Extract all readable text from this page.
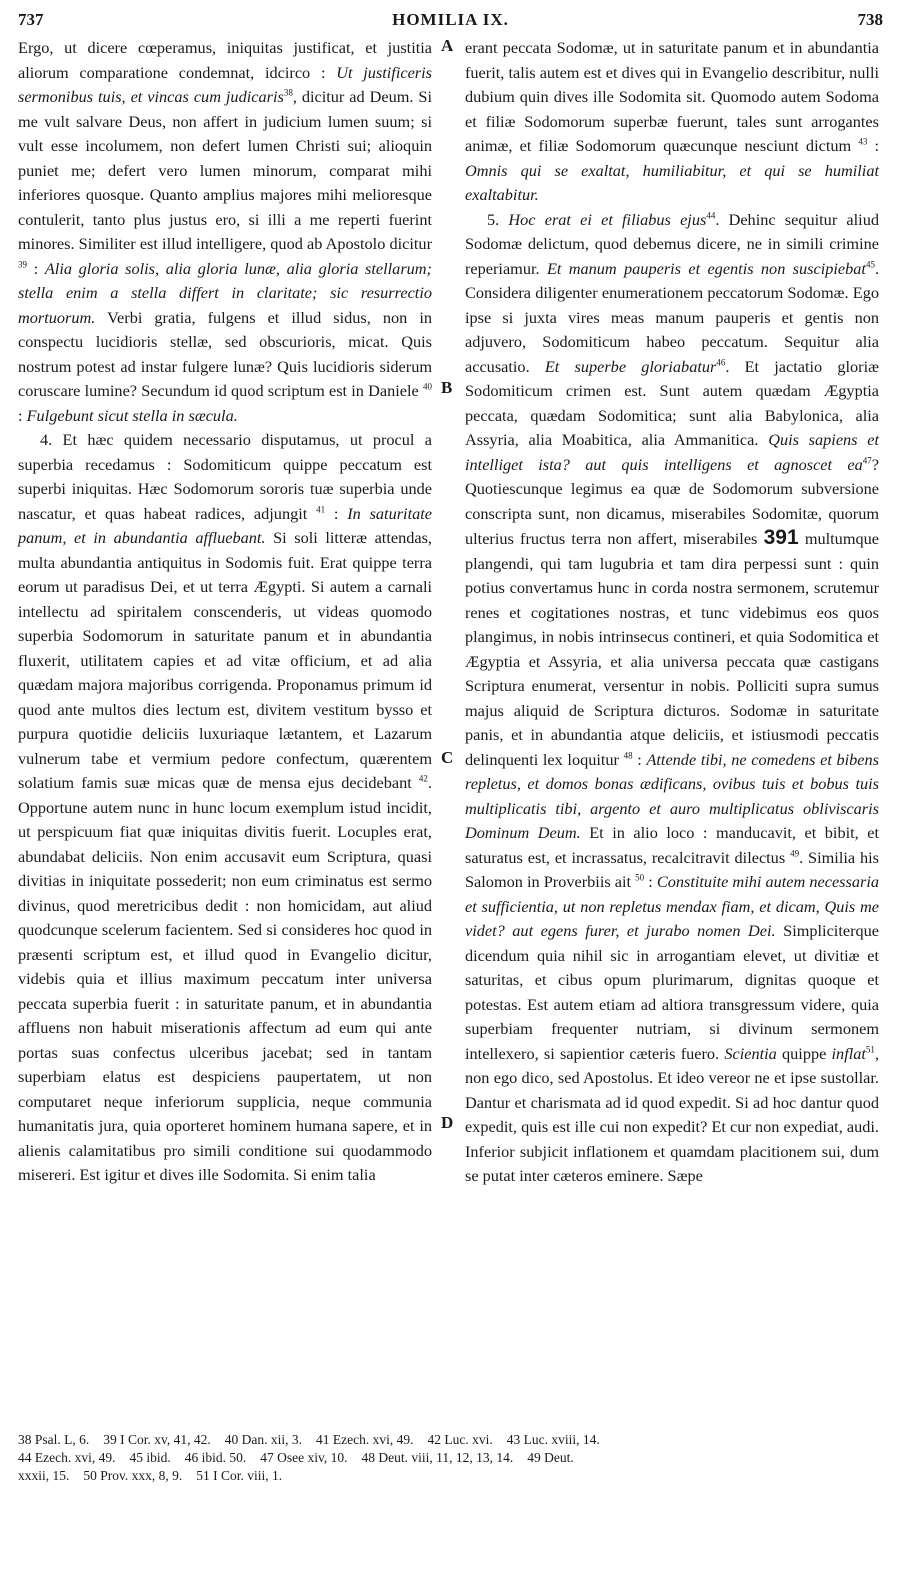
737	HOMILIA IX.	738

Ergo, ut dicere cœperamus, iniquitas justificat, et justitia aliorum comparatione condemnat, idcirco : Ut justificeris sermonibus tuis, et vincas cum judicaris$^{38}$, dicitur ad Deum. Si me vult salvare Deus, non affert in judicium lumen suum; si vult esse incolumem, non defert lumen Christi sui; alioquin puniet me; defert vero lumen minorum, comparat mihi inferiores quosque. Quanto amplius majores mihi melioresque contulerit, tanto plus justus ero, si illi a me reperti fuerint minores. Similiter est illud intelligere, quod ab Apostolo dicitur $^{39}$ : Alia gloria solis, alia gloria lunæ, alia gloria stellarum; stella enim a stella differt in claritate; sic resurrectio mortuorum. Verbi gratia, fulgens et illud sidus, non in conspectu lucidioris stellæ, sed obscurioris, micat. Quis nostrum potest ad instar fulgere lunæ? Quis lucidioris siderum coruscare lumine? Secundum id quod scriptum est in Daniele $^{40}$ : Fulgebunt sicut stella in sæcula.

4. Et hæc quidem necessario disputamus, ut procul a superbia recedamus : Sodomiticum quippe peccatum est superbi iniquitas. Hæc Sodomorum sororis tuæ superbia unde nascatur, et quas habeat radices, adjungit $^{41}$ : In saturitate panum, et in abundantia affluebant. Si soli litteræ attendas, multa abundantia antiquitus in Sodomis fuit. Erat quippe terra eorum ut paradisus Dei, et ut terra Ægypti. Si autem a carnali intellectu ad spiritalem conscenderis, ut videas quomodo superbia Sodomorum in saturitate panum et in abundantia fluxerit, utilitatem capies et ad vitæ officium, et ad alia quædam majora majoribus corrigenda. Proponamus primum id quod ante multos dies lectum est, divitem vestitum bysso et purpura quotidie deliciis luxuriaque lætantem, et Lazarum vulnerum tabe et vermium pedore confectum, quærentem solatium famis suæ micas quæ de mensa ejus decidebant $^{42}$. Opportune autem nunc in hunc locum exemplum istud incidit, ut perspicuum fiat quæ iniquitas divitis fuerit. Locuples erat, abundabat deliciis. Non enim accusavit eum Scriptura, quasi divitias in iniquitate possederit; non eum criminatus est sermo divinus, quod meretricibus dedit : non homicidam, aut aliud quodcunque scelerum facientem. Sed si consideres hoc quod in præsenti scriptum est, et illud quod in Evangelio dicitur, videbis quia et illius maximum peccatum inter universa peccata superbia fuerit : in saturitate panum, et in abundantia affluens non habuit miserationis affectum ad eum qui ante portas suas confectus ulceribus jacebat; sed in tantam superbiam elatus est despiciens paupertatem, ut non computaret neque inferiorum supplicia, neque communia humanitatis jura, quia oporteret hominem humana sapere, et in alienis calamitatibus pro simili conditione sui quodammodo misereri. Est igitur et dives ille Sodomita. Si enim talia

erant peccata Sodomæ, ut in saturitate panum et in abundantia fuerit, talis autem est et dives qui in Evangelio describitur, nulli dubium quin dives ille Sodomita sit. Quomodo autem Sodoma et filiæ Sodomorum superbæ fuerunt, tales sunt arrogantes animæ, et filiæ Sodomorum quæcunque nesciunt dictum $^{43}$ : Omnis qui se exaltat, humiliabitur, et qui se humiliat exaltabitur.

5. Hoc erat ei et filiabus ejus$^{44}$. Dehinc sequitur aliud Sodomæ delictum, quod debemus dicere, ne in simili crimine reperiamur. Et manum pauperis et egentis non suscipiebat$^{45}$. Considera diligenter enumerationem peccatorum Sodomæ. Ego ipse si juxta vires meas manum pauperis et gentis non adjuvero, Sodomiticum habeo peccatum. Sequitur alia accusatio. Et superbe gloriabatur$^{46}$. Et jactatio gloriæ Sodomiticum crimen est. Sunt autem quædam Ægyptia peccata, quædam Sodomitica; sunt alia Babylonica, alia Assyria, alia Moabitica, alia Ammanitica. Quis sapiens et intelliget ista? aut quis intelligens et agnoscet $ea^{47}$? Quotiescunque legimus ea quæ de Sodomorum subversione conscripta sunt, non dicamus, miserabiles Sodomitæ, quorum ulterius fructus terra non affert, miserabiles 391 multumque plangendi, qui tam lugubria et tam dira perpessi sunt : quin potius convertamus hunc in corda nostra sermonem, scrutemur renes et cogitationes nostras, et tunc videbimus eos quos plangimus, in nobis intrinsecus contineri, et quia Sodomitica et Ægyptia et Assyria, et alia universa peccata quæ castigans Scriptura enumerat, versentur in nobis. Polliciti supra sumus majus aliquid de Scriptura dicturos. Sodomæ in saturitate panis, et in abundantia atque deliciis, et istiusmodi peccatis delinquenti lex loquitur $^{48}$ : Attende tibi, ne comedens et bibens repletus, et domos bonas ædificans, ovibus tuis et bobus tuis multiplicatis tibi, argento et auro multiplicatus obliviscaris Dominum Deum. Et in alio loco : manducavit, et bibit, et saturatus est, et incrassatus, recalcitravit dilectus $^{49}$. Similia his Salomon in Proverbiis ait $^{50}$ : Constituite mihi autem necessaria et sufficientia, ut non repletus mendax fiam, et dicam, Quis me videt? aut egens furer, et jurabo nomen Dei. Simpliciterque dicendum quia nihil sic in arrogantiam elevet, ut divitiæ et saturitas, et cibus opum plurimarum, dignitas quoque et potestas. Est autem etiam ad altiora transgressum videre, quia superbiam frequenter nutriam, si divinum sermonem intellexero, si sapientior cæteris fuero. Scientia quippe inflat$^{51}$, non ego dico, sed Apostolus. Et ideo vereor ne et ipse sustollar. Dantur et charismata ad id quod expedit. Si ad hoc dantur quod expedit, quis est ille cui non expedit? Et cur non expediat, audi. Inferior subjicit inflationem et quamdam placitionem sui, dum se putat inter cæteros eminere. Sæpe

A
B
C
D
38 Psal. L, 6. 39 I Cor. xv, 41, 42. 40 Dan. xii, 3. 41 Ezech. xvi, 49. 42 Luc. xvi. 43 Luc. xviii, 14.
44 Ezech. xvi, 49. 45 ibid. 46 ibid. 50. 47 Osee xiv, 10. 48 Deut. viii, 11, 12, 13, 14. 49 Deut.
xxxii, 15. 50 Prov. xxx, 8, 9. 51 I Cor. viii, 1.
